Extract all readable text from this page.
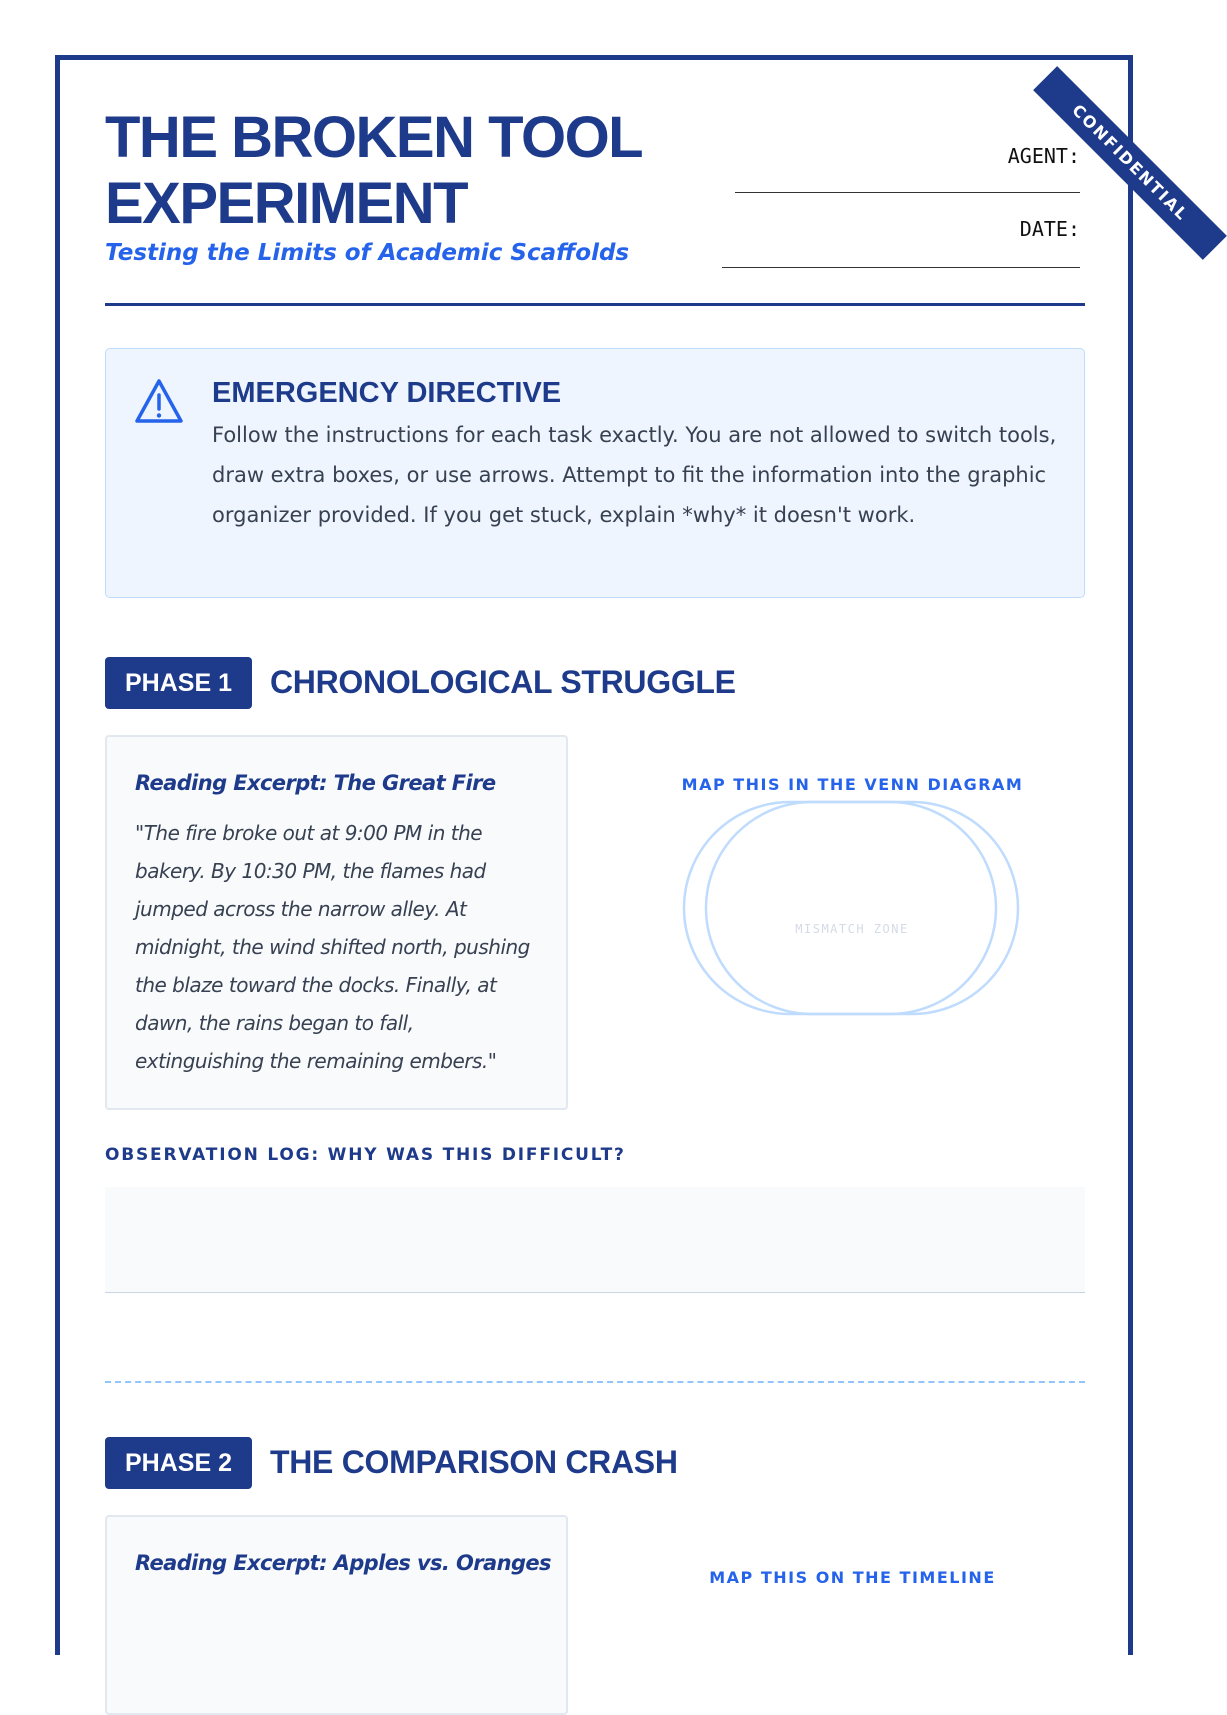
CONFIDENTIAL
THE BROKEN TOOL
EXPERIMENT

Testing the Limits of Academic Scaffolds

AGENT:
DATE:
EMERGENCY DIRECTIVE
Follow the instructions for each task exactly. You are not allowed to switch tools, draw extra boxes, or use arrows. Attempt to fit the information into the graphic organizer provided. If you get stuck, explain *why* it doesn't work.
PHASE 1	CHRONOLOGICAL STRUGGLE
Reading Excerpt: The Great Fire
"The fire broke out at 9:00 PM in the bakery. By 10:30 PM, the flames had jumped across the narrow alley. At midnight, the wind shifted north, pushing the blaze toward the docks. Finally, at dawn, the rains began to fall, extinguishing the remaining embers."
MAP THIS IN THE VENN DIAGRAM
MISMATCH ZONE
OBSERVATION LOG: WHY WAS THIS DIFFICULT?
PHASE 2	THE COMPARISON CRASH
Reading Excerpt: Apples vs. Oranges
MAP THIS ON THE TIMELINE
